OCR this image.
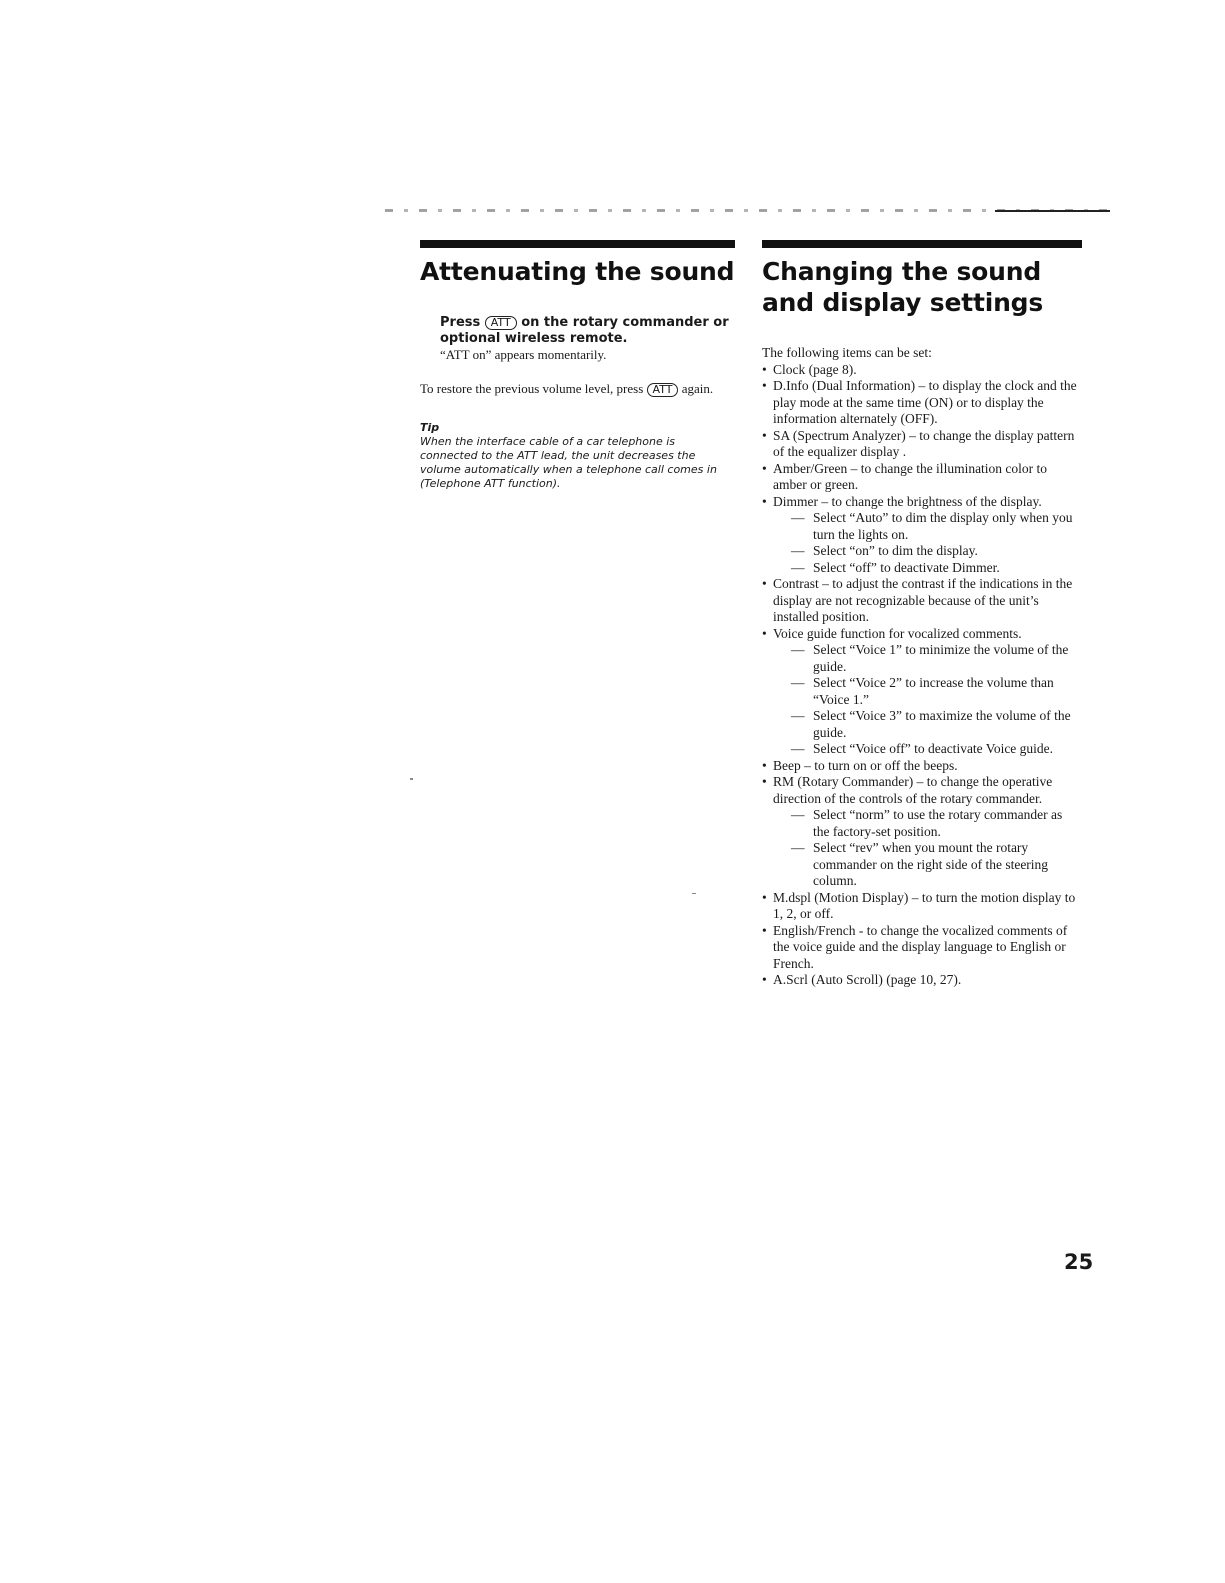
Attenuating the sound

Press ATT on the rotary commander or optional wireless remote.

“ATT on” appears momentarily.

To restore the previous volume level, press ATT again.

Tip

When the interface cable of a car telephone is connected to the ATT lead, the unit decreases the volume automatically when a telephone call comes in (Telephone ATT function).

Changing the sound and display settings

The following items can be set:

• Clock (page 8).
• D.Info (Dual Information) – to display the clock and the play mode at the same time (ON) or to display the information alternately (OFF).
• SA (Spectrum Analyzer) – to change the display pattern of the equalizer display .
• Amber/Green – to change the illumination color to amber or green.
• Dimmer – to change the brightness of the display.
— Select “Auto” to dim the display only when you turn the lights on.
— Select “on” to dim the display.
— Select “off” to deactivate Dimmer.
• Contrast – to adjust the contrast if the indications in the display are not recognizable because of the unit’s installed position.
• Voice guide function for vocalized comments.
— Select “Voice 1” to minimize the volume of the guide.
— Select “Voice 2” to increase the volume than “Voice 1.”
— Select “Voice 3” to maximize the volume of the guide.
— Select “Voice off” to deactivate Voice guide.
• Beep – to turn on or off the beeps.
• RM (Rotary Commander) – to change the operative direction of the controls of the rotary commander.
— Select “norm” to use the rotary commander as the factory-set position.
— Select “rev” when you mount the rotary commander on the right side of the steering column.
• M.dspl (Motion Display) – to turn the motion display to 1, 2, or off.
• English/French - to change the vocalized comments of the voice guide and the display language to English or French.
• A.Scrl (Auto Scroll) (page 10, 27).
25
